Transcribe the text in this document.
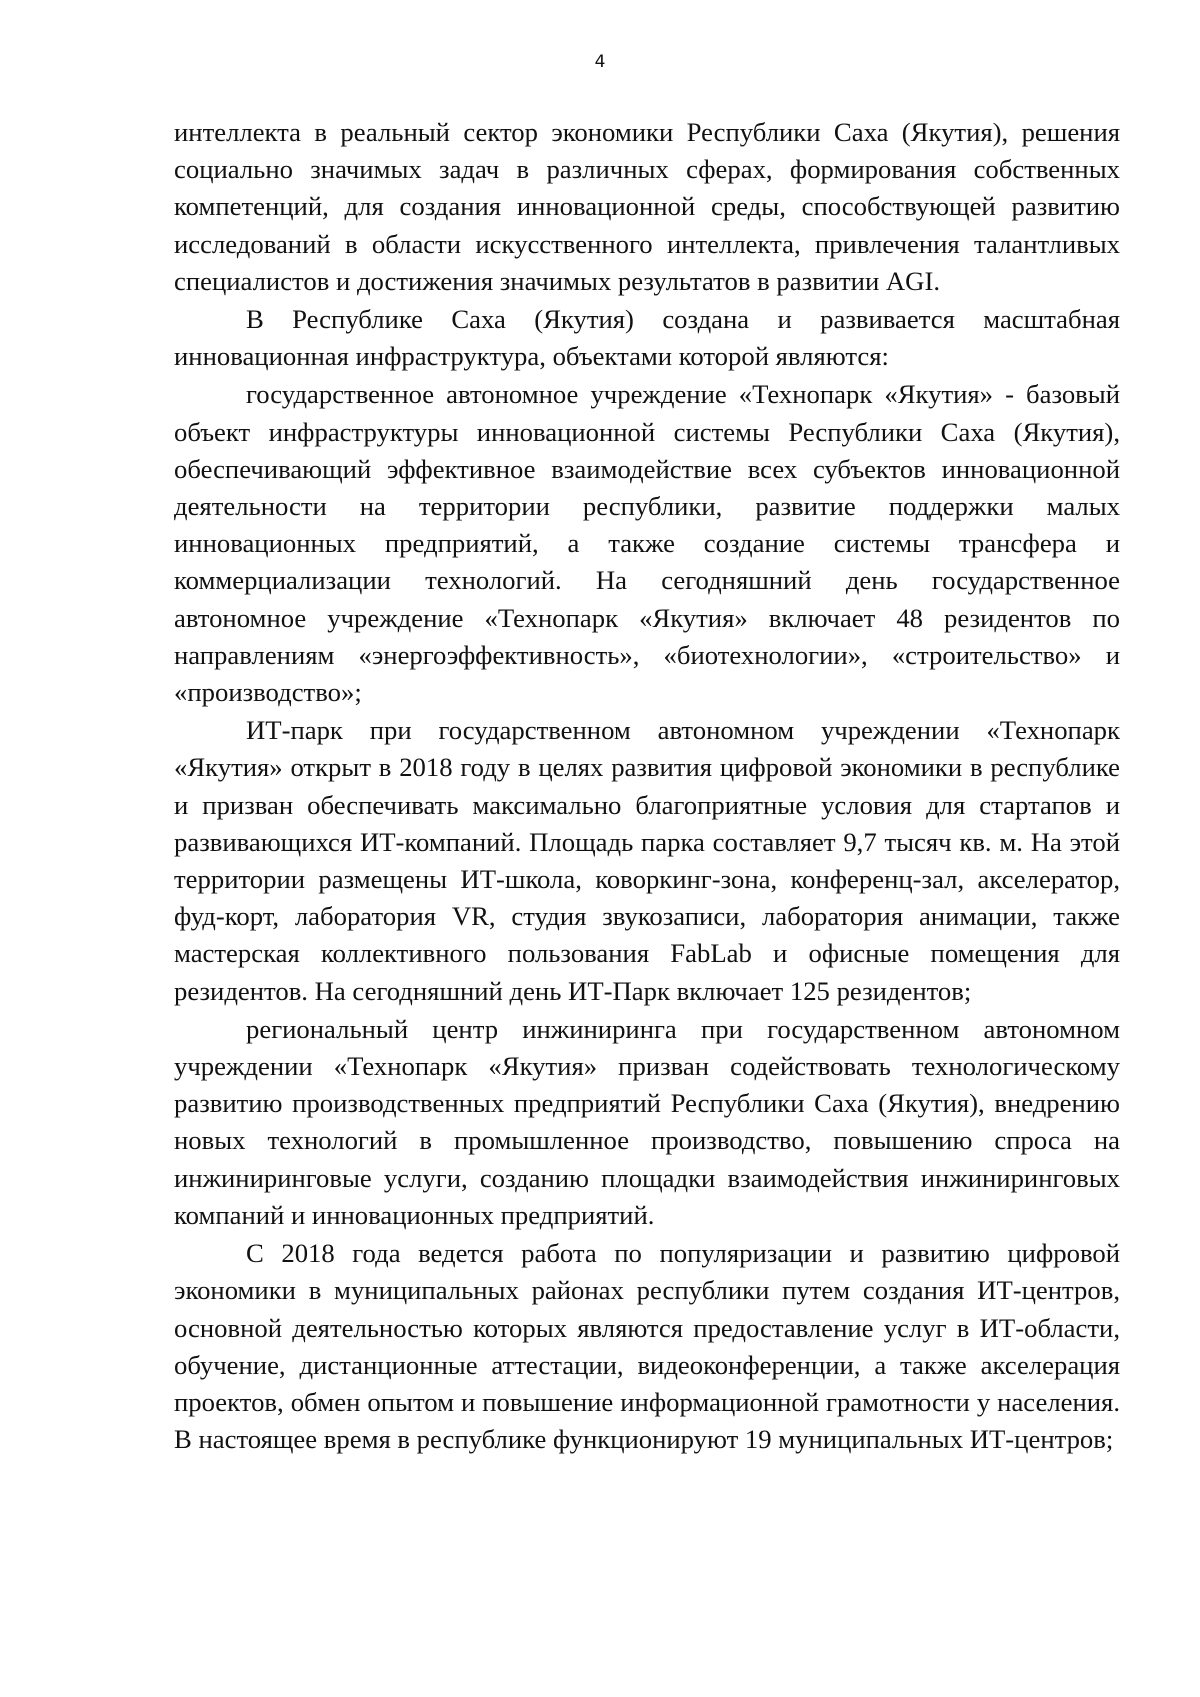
4

интеллекта в реальный сектор экономики Республики Саха (Якутия), решения социально значимых задач в различных сферах, формирования собственных компетенций, для создания инновационной среды, способствующей развитию исследований в области искусственного интеллекта, привлечения талантливых специалистов и достижения значимых результатов в развитии AGI.

В Республике Саха (Якутия) создана и развивается масштабная инновационная инфраструктура, объектами которой являются:

государственное автономное учреждение «Технопарк «Якутия» - базовый объект инфраструктуры инновационной системы Республики Саха (Якутия), обеспечивающий эффективное взаимодействие всех субъектов инновационной деятельности на территории республики, развитие поддержки малых инновационных предприятий, а также создание системы трансфера и коммерциализации технологий. На сегодняшний день государственное автономное учреждение «Технопарк «Якутия» включает 48 резидентов по направлениям «энергоэффективность», «биотехнологии», «строительство» и «производство»;

ИТ-парк при государственном автономном учреждении «Технопарк «Якутия» открыт в 2018 году в целях развития цифровой экономики в республике и призван обеспечивать максимально благоприятные условия для стартапов и развивающихся ИТ-компаний. Площадь парка составляет 9,7 тысяч кв. м. На этой территории размещены ИТ-школа, коворкинг-зона, конференц-зал, акселератор, фуд-корт, лаборатория VR, студия звукозаписи, лаборатория анимации, также мастерская коллективного пользования FabLab и офисные помещения для резидентов. На сегодняшний день ИТ-Парк включает 125 резидентов;

региональный центр инжиниринга при государственном автономном учреждении «Технопарк «Якутия» призван содействовать технологическому развитию производственных предприятий Республики Саха (Якутия), внедрению новых технологий в промышленное производство, повышению спроса на инжиниринговые услуги, созданию площадки взаимодействия инжиниринговых компаний и инновационных предприятий.

С 2018 года ведется работа по популяризации и развитию цифровой экономики в муниципальных районах республики путем создания ИТ-центров, основной деятельностью которых являются предоставление услуг в ИТ-области, обучение, дистанционные аттестации, видеоконференции, а также акселерация проектов, обмен опытом и повышение информационной грамотности у населения. В настоящее время в республике функционируют 19 муниципальных ИТ-центров;
